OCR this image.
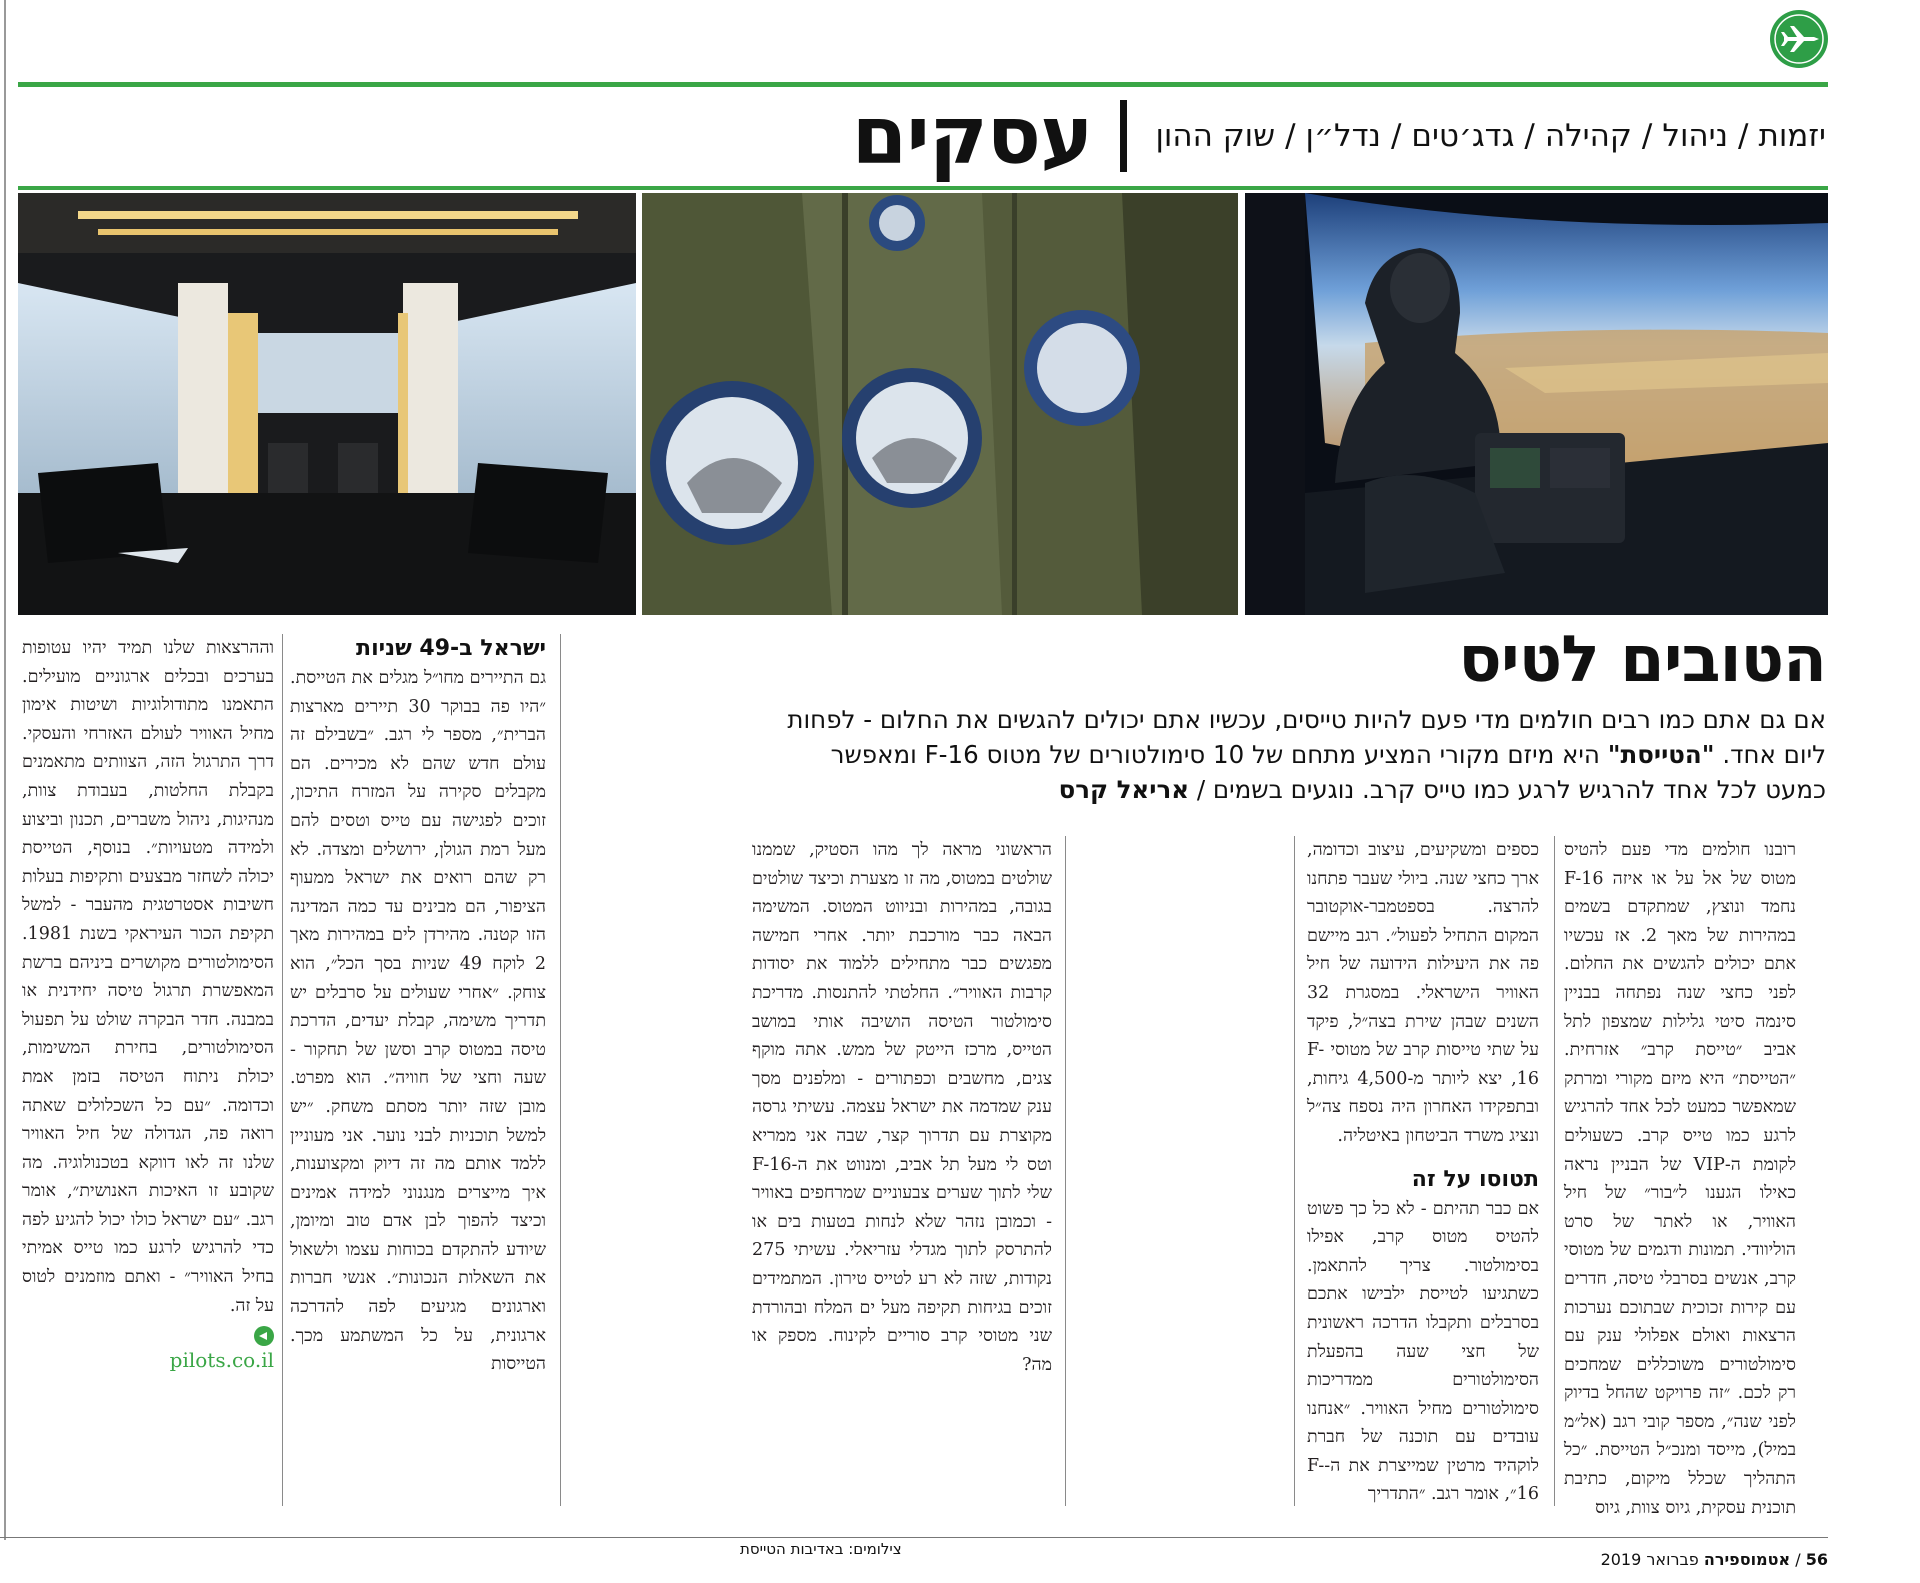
עסקים	יזמות
/
ניהול
/
קהילה
/
גדג׳טים
/
נדל״ן
/
שוק ההון
הטובים לטיס
אם גם אתם כמו רבים חולמים מדי פעם להיות טייסים, עכשיו אתם יכולים להגשים את החלום - לפחות ליום אחד. "הטייסת" היא מיזם מקורי המציע מתחם של 10 סימולטורים של מטוס F-16 ומאפשר כמעט לכל אחד להרגיש לרגע כמו טייס קרב. נוגעים בשמים / אריאל קרס

רובנו חולמים מדי פעם להטיס מטוס של אל על או איזה F-16 נחמד ונוצץ, שמתקדם בשמים במהירות של מאך 2. אז עכשיו אתם יכולים להגשים את החלום. לפני כחצי שנה נפתחה בבניין סינמה סיטי גלילות שמצפון לתל אביב ״טייסת קרב״ אזרחית. ״הטייסת״ היא מיזם מקורי ומרתק שמאפשר כמעט לכל אחד להרגיש לרגע כמו טייס קרב. כשעולים לקומת ה-VIP של הבניין נראה כאילו הגענו ל״בור״ של חיל האוויר, או לאתר של סרט הוליוודי. תמונות ודגמים של מטוסי קרב, אנשים בסרבלי טיסה, חדרים עם קירות זכוכית שבתוכם נערכות הרצאות ואולם אפלולי ענק עם סימולטורים משוכללים שמחכים רק לכם. ״זה פרויקט שהחל בדיוק לפני שנה״, מספר קובי רגב (אל״מ במיל), מייסד ומנכ״ל הטייסת. ״כל התהליך שכלל מיקום, כתיבת תוכנית עסקית, גיוס צוות, גיוס

כספים ומשקיעים, עיצוב וכדומה, ארך כחצי שנה. ביולי שעבר פתחנו להרצה. בספטמבר-אוקטובר המקום התחיל לפעול״. רגב מיישם פה את היעילות הידועה של חיל האוויר הישראלי. במסגרת 32 השנים שבהן שירת בצה״ל, פיקד על שתי טייסות קרב של מטוסי F-16, יצא ליותר מ-4,500 גיחות, ובתפקידו האחרון היה נספח צה״ל ונציג משרד הביטחון באיטליה.

תטוסו על זה

אם כבר תהיתם - לא כל כך פשוט להטיס מטוס קרב, אפילו בסימולטור. צריך להתאמן. כשתגיעו לטייסת ילבישו אתכם בסרבלים ותקבלו הדרכה ראשונית של חצי שעה בהפעלת הסימולטורים ממדריכות סימולטורים מחיל האוויר. ״אנחנו עובדים עם תוכנה של חברת לוקהיד מרטין שמייצרת את ה-F-16״, אומר רגב. ״התדריך

הראשוני מראה לך מהו הסטיק, שממנו שולטים במטוס, מה זו מצערת וכיצד שולטים בגובה, במהירות ובניווט המטוס. המשימה הבאה כבר מורכבת יותר. אחרי חמישה מפגשים כבר מתחילים ללמוד את יסודות קרבות האוויר״. החלטתי להתנסות. מדריכת סימולטור הטיסה הושיבה אותי במושב הטייס, מרכז הייטק של ממש. אתה מוקף צגים, מחשבים וכפתורים - ומלפנים מסך ענק שמדמה את ישראל עצמה. עשיתי גרסה מקוצרת עם תדרוך קצר, שבה אני ממריא וטס לי מעל תל אביב, ומנווט את ה-F-16 שלי לתוך שערים צבעוניים שמרחפים באוויר - וכמובן נזהר שלא לנחות בטעות בים או להתרסק לתוך מגדלי עזריאלי. עשיתי 275 נקודות, שזה לא רע לטייס טירון. המתמידים זוכים בגיחות תקיפה מעל ים המלח ובהורדת שני מטוסי קרב סוריים לקינוח. מספק או מה?

ישראל ב-49 שניות

גם התיירים מחו״ל מגלים את הטייסת. ״היו פה בבוקר 30 תיירים מארצות הברית״, מספר לי רגב. ״בשבילם זה עולם חדש שהם לא מכירים. הם מקבלים סקירה על המזרח התיכון, זוכים לפגישה עם טייס וטסים להם מעל רמת הגולן, ירושלים ומצדה. לא רק שהם רואים את ישראל ממעוף הציפור, הם מבינים עד כמה המדינה הזו קטנה. מהירדן לים במהירות מאך 2 לוקח 49 שניות בסך הכל״, הוא צוחק. ״אחרי שעולים על סרבלים יש תדריך משימה, קבלת יעדים, הדרכת טיסה במטוס קרב וסשן של תחקור - שעה וחצי של חוויה״. הוא מפרט. מובן שזה יותר מסתם משחק. ״יש למשל תוכניות לבני נוער. אני מעוניין ללמד אותם מה זה דיוק ומקצוענות, איך מייצרים מנגנוני למידה אמינים וכיצד להפוך לבן אדם טוב ומיומן, שיודע להתקדם בכוחות עצמו ולשאול את השאלות הנכונות״. אנשי חברות וארגונים מגיעים לפה להדרכה ארגונית, על כל המשתמע מכך. הטייסות

וההרצאות שלנו תמיד יהיו עטופות בערכים ובכלים ארגוניים מועילים. התאמנו מתודולוגיות ושיטות אימון מחיל האוויר לעולם האזרחי והעסקי. דרך התרגול הזה, הצוותים מתאמנים בקבלת החלטות, בעבודת צוות, מנהיגות, ניהול משברים, תכנון וביצוע ולמידה מטעויות״. בנוסף, הטייסת יכולה לשחזר מבצעים ותקיפות בעלות חשיבות אסטרטגית מהעבר - למשל תקיפת הכור העיראקי בשנת 1981. הסימולטורים מקושרים ביניהם ברשת המאפשרת תרגול טיסה יחידנית או במבנה. חדר הבקרה שולט על תפעול הסימולטורים, בחירת המשימות, יכולת ניתוח הטיסה בזמן אמת וכדומה. ״עם כל השכלולים שאתה רואה פה, הגדולה של חיל האוויר שלנו זה לאו דווקא בטכנולוגיה. מה שקובע זו האיכות האנושית״, אומר רגב. ״עם ישראל כולו יכול להגיע לפה כדי להרגיש לרגע כמו טייס אמיתי בחיל האוויר״ - ואתם מוזמנים לטוס על זה.

pilots.co.il
צילומים: באדיבות הטייסת
56 / אטמוספירה פברואר 2019
